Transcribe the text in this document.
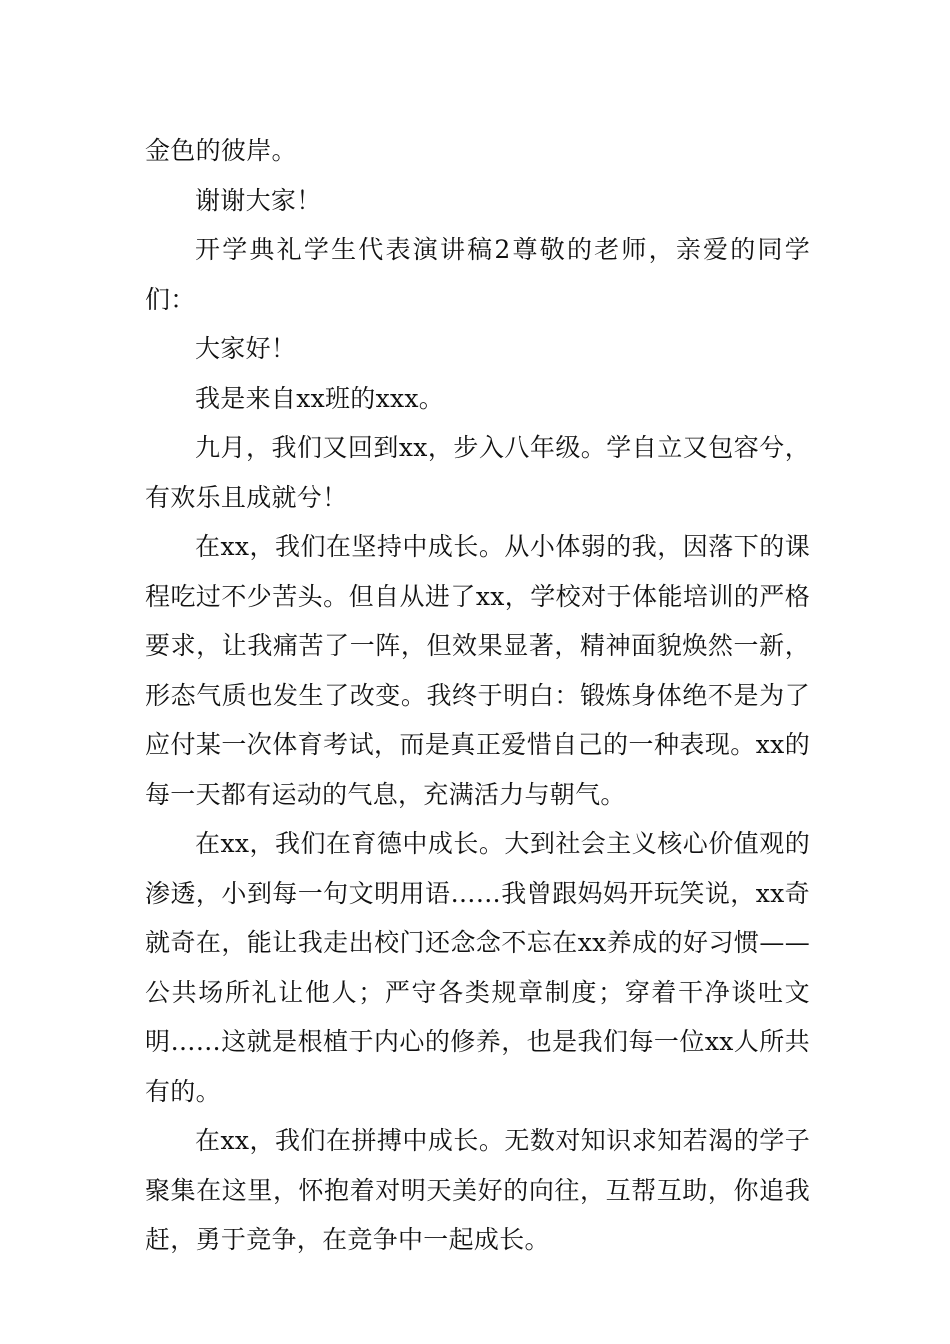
金色的彼岸。

谢谢大家！

开学典礼学生代表演讲稿2尊敬的老师，亲爱的同学们：

大家好！

我是来自xx班的xxx。

九月，我们又回到xx，步入八年级。学自立又包容兮，有欢乐且成就兮！

在xx，我们在坚持中成长。从小体弱的我，因落下的课程吃过不少苦头。但自从进了xx，学校对于体能培训的严格要求，让我痛苦了一阵，但效果显著，精神面貌焕然一新，形态气质也发生了改变。我终于明白：锻炼身体绝不是为了应付某一次体育考试，而是真正爱惜自己的一种表现。xx的每一天都有运动的气息，充满活力与朝气。

在xx，我们在育德中成长。大到社会主义核心价值观的渗透，小到每一句文明用语……我曾跟妈妈开玩笑说，xx奇就奇在，能让我走出校门还念念不忘在xx养成的好习惯——公共场所礼让他人；严守各类规章制度；穿着干净谈吐文明……这就是根植于内心的修养，也是我们每一位xx人所共有的。

在xx，我们在拼搏中成长。无数对知识求知若渴的学子聚集在这里，怀抱着对明天美好的向往，互帮互助，你追我赶，勇于竞争，在竞争中一起成长。
